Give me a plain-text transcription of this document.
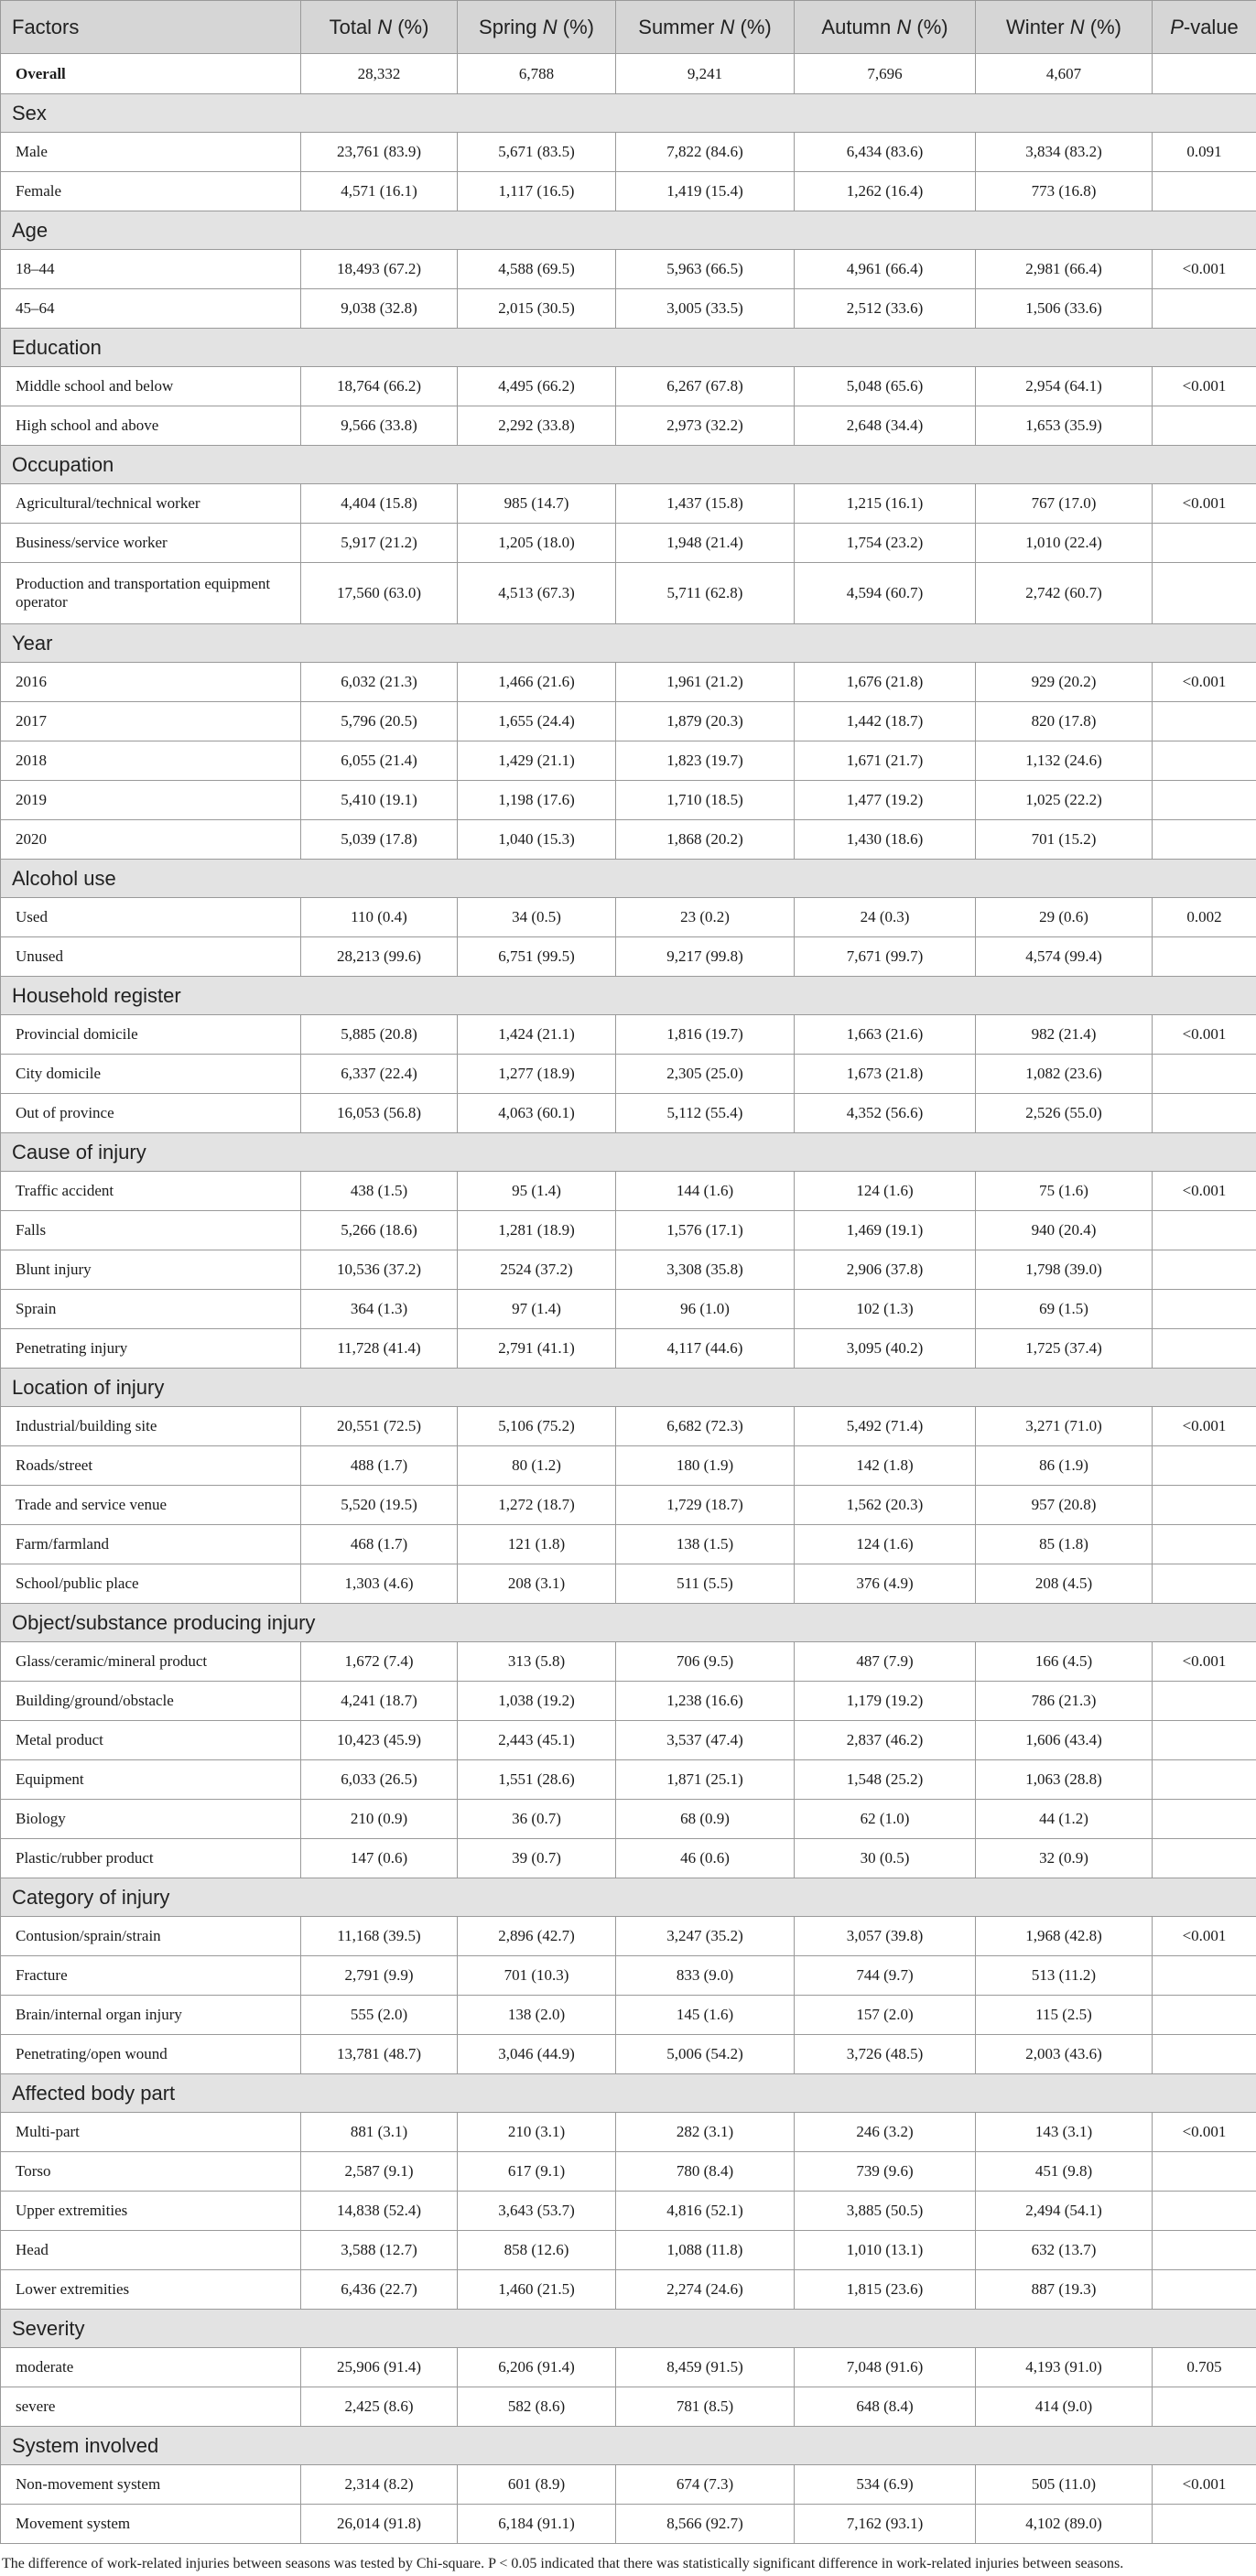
Factors	Total N (%)	Spring N (%)	Summer N (%)	Autumn N (%)	Winter N (%)	P-value
Overall	28,332	6,788	9,241	7,696	4,607	
Sex						
Male	23,761 (83.9)	5,671 (83.5)	7,822 (84.6)	6,434 (83.6)	3,834 (83.2)	0.091
Female	4,571 (16.1)	1,117 (16.5)	1,419 (15.4)	1,262 (16.4)	773 (16.8)	
Age						
18–44	18,493 (67.2)	4,588 (69.5)	5,963 (66.5)	4,961 (66.4)	2,981 (66.4)	<0.001
45–64	9,038 (32.8)	2,015 (30.5)	3,005 (33.5)	2,512 (33.6)	1,506 (33.6)	
Education						
Middle school and below	18,764 (66.2)	4,495 (66.2)	6,267 (67.8)	5,048 (65.6)	2,954 (64.1)	<0.001
High school and above	9,566 (33.8)	2,292 (33.8)	2,973 (32.2)	2,648 (34.4)	1,653 (35.9)	
Occupation						
Agricultural/technical worker	4,404 (15.8)	985 (14.7)	1,437 (15.8)	1,215 (16.1)	767 (17.0)	<0.001
Business/service worker	5,917 (21.2)	1,205 (18.0)	1,948 (21.4)	1,754 (23.2)	1,010 (22.4)	
Production and transportation equipment operator	17,560 (63.0)	4,513 (67.3)	5,711 (62.8)	4,594 (60.7)	2,742 (60.7)	
Year						
2016	6,032 (21.3)	1,466 (21.6)	1,961 (21.2)	1,676 (21.8)	929 (20.2)	<0.001
2017	5,796 (20.5)	1,655 (24.4)	1,879 (20.3)	1,442 (18.7)	820 (17.8)	
2018	6,055 (21.4)	1,429 (21.1)	1,823 (19.7)	1,671 (21.7)	1,132 (24.6)	
2019	5,410 (19.1)	1,198 (17.6)	1,710 (18.5)	1,477 (19.2)	1,025 (22.2)	
2020	5,039 (17.8)	1,040 (15.3)	1,868 (20.2)	1,430 (18.6)	701 (15.2)	
Alcohol use						
Used	110 (0.4)	34 (0.5)	23 (0.2)	24 (0.3)	29 (0.6)	0.002
Unused	28,213 (99.6)	6,751 (99.5)	9,217 (99.8)	7,671 (99.7)	4,574 (99.4)	
Household register						
Provincial domicile	5,885 (20.8)	1,424 (21.1)	1,816 (19.7)	1,663 (21.6)	982 (21.4)	<0.001
City domicile	6,337 (22.4)	1,277 (18.9)	2,305 (25.0)	1,673 (21.8)	1,082 (23.6)	
Out of province	16,053 (56.8)	4,063 (60.1)	5,112 (55.4)	4,352 (56.6)	2,526 (55.0)	
Cause of injury						
Traffic accident	438 (1.5)	95 (1.4)	144 (1.6)	124 (1.6)	75 (1.6)	<0.001
Falls	5,266 (18.6)	1,281 (18.9)	1,576 (17.1)	1,469 (19.1)	940 (20.4)	
Blunt injury	10,536 (37.2)	2524 (37.2)	3,308 (35.8)	2,906 (37.8)	1,798 (39.0)	
Sprain	364 (1.3)	97 (1.4)	96 (1.0)	102 (1.3)	69 (1.5)	
Penetrating injury	11,728 (41.4)	2,791 (41.1)	4,117 (44.6)	3,095 (40.2)	1,725 (37.4)	
Location of injury						
Industrial/building site	20,551 (72.5)	5,106 (75.2)	6,682 (72.3)	5,492 (71.4)	3,271 (71.0)	<0.001
Roads/street	488 (1.7)	80 (1.2)	180 (1.9)	142 (1.8)	86 (1.9)	
Trade and service venue	5,520 (19.5)	1,272 (18.7)	1,729 (18.7)	1,562 (20.3)	957 (20.8)	
Farm/farmland	468 (1.7)	121 (1.8)	138 (1.5)	124 (1.6)	85 (1.8)	
School/public place	1,303 (4.6)	208 (3.1)	511 (5.5)	376 (4.9)	208 (4.5)	
Object/substance producing injury						
Glass/ceramic/mineral product	1,672 (7.4)	313 (5.8)	706 (9.5)	487 (7.9)	166 (4.5)	<0.001
Building/ground/obstacle	4,241 (18.7)	1,038 (19.2)	1,238 (16.6)	1,179 (19.2)	786 (21.3)	
Metal product	10,423 (45.9)	2,443 (45.1)	3,537 (47.4)	2,837 (46.2)	1,606 (43.4)	
Equipment	6,033 (26.5)	1,551 (28.6)	1,871 (25.1)	1,548 (25.2)	1,063 (28.8)	
Biology	210 (0.9)	36 (0.7)	68 (0.9)	62 (1.0)	44 (1.2)	
Plastic/rubber product	147 (0.6)	39 (0.7)	46 (0.6)	30 (0.5)	32 (0.9)	
Category of injury						
Contusion/sprain/strain	11,168 (39.5)	2,896 (42.7)	3,247 (35.2)	3,057 (39.8)	1,968 (42.8)	<0.001
Fracture	2,791 (9.9)	701 (10.3)	833 (9.0)	744 (9.7)	513 (11.2)	
Brain/internal organ injury	555 (2.0)	138 (2.0)	145 (1.6)	157 (2.0)	115 (2.5)	
Penetrating/open wound	13,781 (48.7)	3,046 (44.9)	5,006 (54.2)	3,726 (48.5)	2,003 (43.6)	
Affected body part						
Multi-part	881 (3.1)	210 (3.1)	282 (3.1)	246 (3.2)	143 (3.1)	<0.001
Torso	2,587 (9.1)	617 (9.1)	780 (8.4)	739 (9.6)	451 (9.8)	
Upper extremities	14,838 (52.4)	3,643 (53.7)	4,816 (52.1)	3,885 (50.5)	2,494 (54.1)	
Head	3,588 (12.7)	858 (12.6)	1,088 (11.8)	1,010 (13.1)	632 (13.7)	
Lower extremities	6,436 (22.7)	1,460 (21.5)	2,274 (24.6)	1,815 (23.6)	887 (19.3)	
Severity						
moderate	25,906 (91.4)	6,206 (91.4)	8,459 (91.5)	7,048 (91.6)	4,193 (91.0)	0.705
severe	2,425 (8.6)	582 (8.6)	781 (8.5)	648 (8.4)	414 (9.0)	
System involved						
Non-movement system	2,314 (8.2)	601 (8.9)	674 (7.3)	534 (6.9)	505 (11.0)	<0.001
Movement system	26,014 (91.8)	6,184 (91.1)	8,566 (92.7)	7,162 (93.1)	4,102 (89.0)	
The difference of work-related injuries between seasons was tested by Chi-square. P < 0.05 indicated that there was statistically significant difference in work-related injuries between seasons.
